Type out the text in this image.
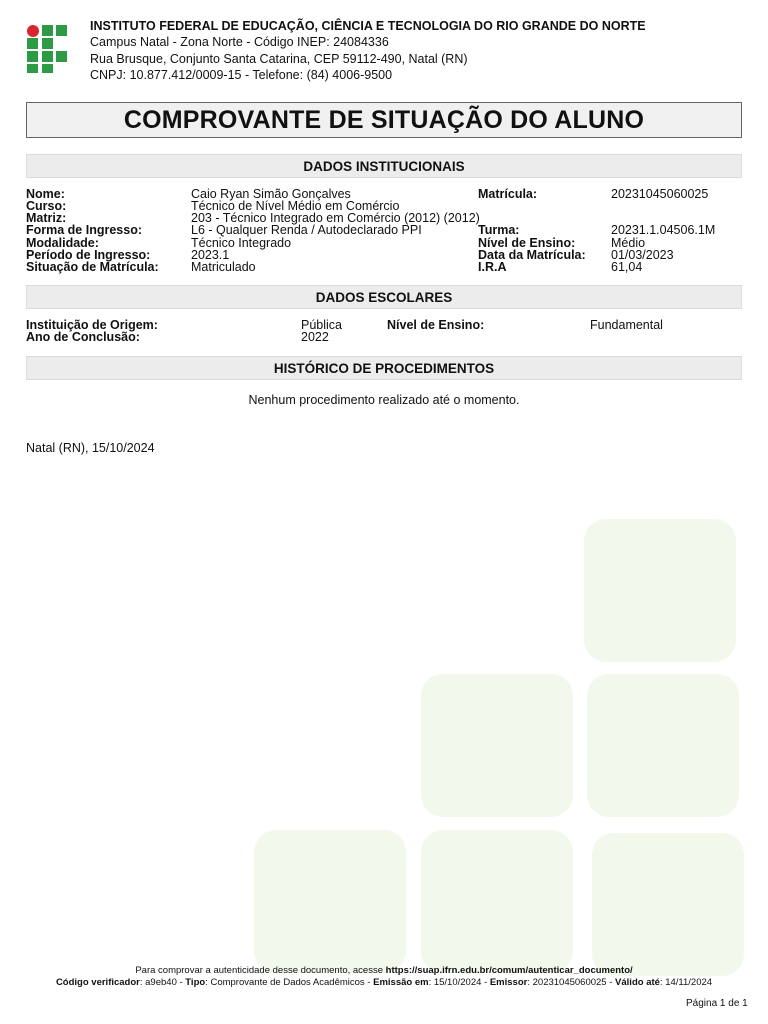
INSTITUTO FEDERAL DE EDUCAÇÃO, CIÊNCIA E TECNOLOGIA DO RIO GRANDE DO NORTE
Campus Natal - Zona Norte - Código INEP: 24084336
Rua Brusque, Conjunto Santa Catarina, CEP 59112-490, Natal (RN)
CNPJ: 10.877.412/0009-15 - Telefone: (84) 4006-9500
COMPROVANTE DE SITUAÇÃO DO ALUNO
DADOS INSTITUCIONAIS
Nome:	Caio Ryan Simão Gonçalves	Matrícula:	20231045060025
Curso:	Técnico de Nível Médio em Comércio
Matriz:	203 - Técnico Integrado em Comércio (2012) (2012)
Forma de Ingresso:	L6 - Qualquer Renda / Autodeclarado PPI	Turma:	20231.1.04506.1M
Modalidade:	Técnico Integrado	Nível de Ensino:	Médio
Período de Ingresso:	2023.1	Data da Matrícula: 01/03/2023
Situação de Matrícula:	Matriculado	I.R.A	61,04
DADOS ESCOLARES
Instituição de Origem:	Pública	Nível de Ensino:	Fundamental
Ano de Conclusão:	2022
HISTÓRICO DE PROCEDIMENTOS
Nenhum procedimento realizado até o momento.
Natal (RN), 15/10/2024
Para comprovar a autenticidade desse documento, acesse https://suap.ifrn.edu.br/comum/autenticar_documento/
Código verificador: a9eb40 - Tipo: Comprovante de Dados Acadêmicos - Emissão em: 15/10/2024 - Emissor: 20231045060025 - Válido até: 14/11/2024
Página 1 de 1
